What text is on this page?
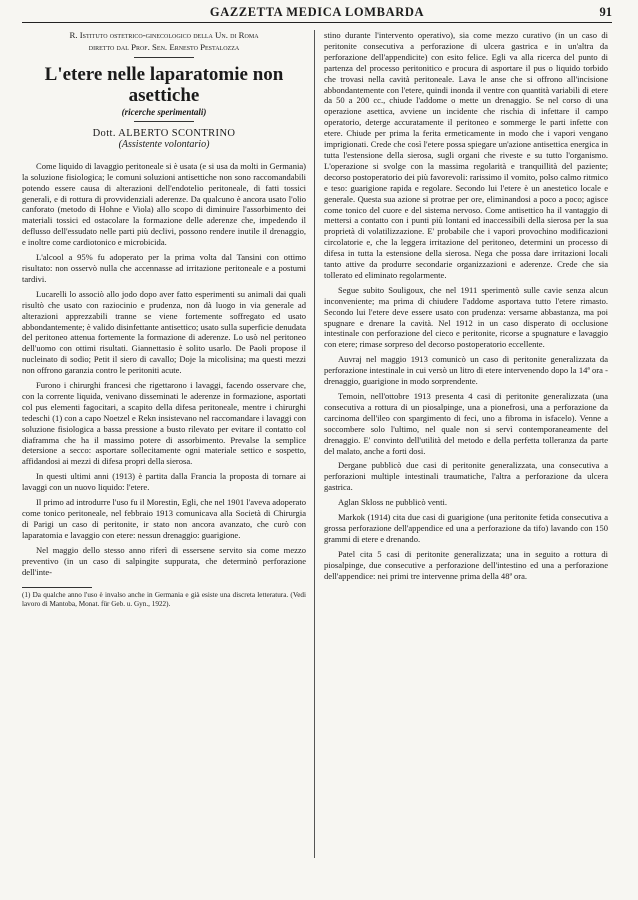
GAZZETTA MEDICA LOMBARDA	91
R. Istituto ostetrico-ginecologico della Un. di Roma
diretto dal Prof. Sen. Ernesto Pestalozza
L'etere nelle laparatomie non asettiche
(ricerche sperimentali)
Dott. ALBERTO SCONTRINO
(Assistente volontario)

Come liquido di lavaggio peritoneale si è usata (e si usa da molti in Germania) la soluzione fisiologica; le comuni soluzioni antisettiche non sono raccomandabili potendo essere causa di alterazioni dell'endotelio peritoneale, di fatti tossici generali, e di rottura di provvidenziali aderenze. Da qualcuno è ancora usato l'olio canforato (metodo di Hohne e Viola) allo scopo di diminuire l'assorbimento dei materiali tossici ed ostacolare la formazione delle aderenze che, impedendo il deflusso dell'essudato nelle parti più declivi, possono rendere inutile il drenaggio, e inoltre come cardiotonico e microbicida.

L'alcool a 95% fu adoperato per la prima volta dal Tansini con ottimo risultato: non osservò nulla che accennasse ad irritazione peritoneale e a postumi tardivi.

Lucarelli lo associò allo jodo dopo aver fatto esperimenti su animali dai quali risultò che usato con raziocinio e prudenza, non dà luogo in via generale ad alterazioni apprezzabili tranne se viene fortemente soffregato ed usato abbondantemente; è valido disinfettante antisettico; usato sulla superficie denudata del peritoneo attenua fortemente la formazione di aderenze. Lo usò nel peritoneo dell'uomo con ottimi risultati. Giannettasio è solito usarlo. De Paoli propose il nucleinato di sodio; Petit il siero di cavallo; Doje la micolisina; ma questi mezzi non offrono garanzia contro le peritoniti acute.

Furono i chirurghi francesi che rigettarono i lavaggi, facendo osservare che, con la corrente liquida, venivano disseminati le aderenze in formazione, asportati col pus elementi fagocitari, a scapito della difesa peritoneale, mentre i chirurghi tedeschi (1) con a capo Noetzel e Rekn insistevano nel raccomandare i lavaggi con soluzione fisiologica a bassa pressione a busto rilevato per evitare il contatto col diaframma che ha il massimo potere di assorbimento. Prevalse la semplice detersione a secco: asportare sollecitamente ogni materiale settico e sospetto, affidandosi ai mezzi di difesa propri della sierosa.

In questi ultimi anni (1913) è partita dalla Francia la proposta di tornare ai lavaggi con un nuovo liquido: l'etere.

Il primo ad introdurre l'uso fu il Morestin, Egli, che nel 1901 l'aveva adoperato come tonico peritoneale, nel febbraio 1913 comunicava alla Società di Chirurgia di Parigi un caso di peritonite, ir stato non ancora avanzato, che curò con laparatomia e lavaggio con etere: nessun drenaggio: guarigione.

Nel maggio dello stesso anno riferì di essersene servito sia come mezzo preventivo (in un caso di salpingite suppurata, che determinò perforazione dell'inte-

(1) Da qualche anno l'uso è invalso anche in Germania e già esiste una discreta letteratura. (Vedi lavoro di Mantoba, Monat. für Geb. u. Gyn., 1922).

stino durante l'intervento operativo), sia come mezzo curativo (in un caso di peritonite consecutiva a perforazione di ulcera gastrica e in un'altra da perforazione dell'appendicite) con esito felice. Egli va alla ricerca del punto di partenza del processo peritonitico e procura di asportare il pus o liquido torbido che trovasi nella cavità peritoneale. Lava le anse che si offrono all'incisione abbondantemente con l'etere, quindi inonda il ventre con quantità variabili di etere da 50 a 200 cc., chiude l'addome o mette un drenaggio. Se nel corso di una operazione asettica, avviene un incidente che rischia di infettare il campo operatorio, deterge accuratamente il peritoneo e sommerge le parti infette con etere. Chiude per prima la ferita ermeticamente in modo che i vapori vengano imprigionati. Crede che così l'etere possa spiegare un'azione antisettica energica in tutta l'estensione della sierosa, sugli organi che riveste e su tutto l'organismo. L'operazione si svolge con la massima regolarità e tranquillità del paziente; decorso postoperatorio dei più favorevoli: rarissimo il vomito, polso calmo ritmico e teso: guarigione rapida e regolare. Secondo lui l'etere è un anestetico locale e generale. Questa sua azione si protrae per ore, eliminandosi a poco a poco; agisce come tonico del cuore e del sistema nervoso. Come antisettico ha il vantaggio di mettersi a contatto con i punti più lontani ed inaccessibili della sierosa per la sua proprietà di volatilizzazione. E' probabile che i vapori provochino modificazioni circolatorie e, che la leggera irritazione del peritoneo, determini un processo di difesa in tutta la estensione della sierosa. Nega che possa dare irritazioni locali tanto attive da produrre secondarie organizzazioni e aderenze. Crede che sia tollerato ed eliminato regolarmente.

Segue subito Souligoux, che nel 1911 sperimentò sulle cavie senza alcun inconveniente; ma prima di chiudere l'addome asportava tutto l'etere rimasto. Secondo lui l'etere deve essere usato con prudenza: versarne abbastanza, ma poi spugnare e drenare la cavità. Nel 1912 in un caso disperato di occlusione intestinale con perforazione del cieco e peritonite, ricorse a spugnature e lavaggio con etere; rimase sorpreso del decorso postoperatorio eccellente.

Auvraj nel maggio 1913 comunicò un caso di peritonite generalizzata da perforazione intestinale in cui versò un litro di etere intervenendo dopo la 14ª ora - drenaggio, guarigione in modo sorprendente.

Temoin, nell'ottobre 1913 presenta 4 casi di peritonite generalizzata (una consecutiva a rottura di un piosalpinge, una a pionefrosi, una a perforazione da carcinoma dell'ileo con spargimento di feci, uno a fibroma in isfacelo). Venne a soccombere solo l'ultimo, nel quale non si servì contemporaneamente del drenaggio. E' convinto dell'utilità del metodo e della perfetta tolleranza da parte del malato, anche a forti dosi.

Dergane pubblicò due casi di peritonite generalizzata, una consecutiva a perforazioni multiple intestinali traumatiche, l'altra a perforazione da ulcera gastrica.

Aglan Skloss ne pubblicò venti.

Markok (1914) cita due casi di guarigione (una peritonite fetida consecutiva a grossa perforazione dell'appendice ed una a perforazione da tifo) lavando con 150 grammi di etere e drenando.

Patel cita 5 casi di peritonite generalizzata; una in seguito a rottura di piosalpinge, due consecutive a perforazione dell'intestino ed una a perforazione dell'appendice: nei primi tre intervenne prima della 48ª ora.
